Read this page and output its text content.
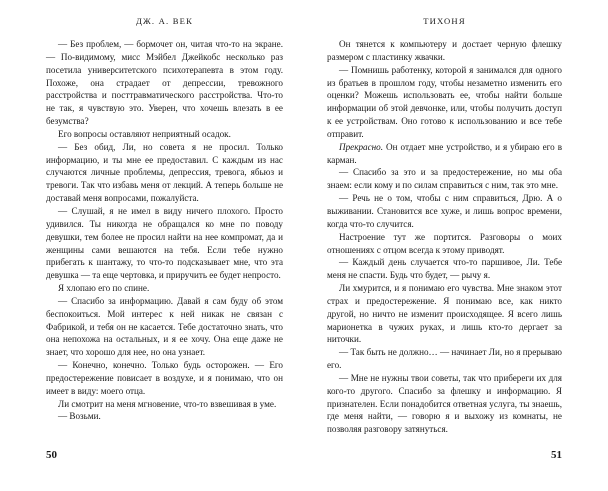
ДЖ. А. ВЕК

— Без проблем, — бормочет он, читая что-то на экране. — По-видимому, мисс Мэйбел Джейкобс несколько раз посетила университетского психотерапевта в этом году. Похоже, она страдает от депрессии, тревожного расстройства и посттравматического расстройства. Что-то не так, я чувствую это. Уверен, что хочешь влезать в ее безумства?

Его вопросы оставляют неприятный осадок.

— Без обид, Ли, но совета я не просил. Только информацию, и ты мне ее предоставил. С каждым из нас случаются личные проблемы, депрессия, тревога, ябьюз и тревоги. Так что избавь меня от лекций. А теперь больше не доставай меня вопросами, пожалуйста.

— Слушай, я не имел в виду ничего плохого. Просто удивился. Ты никогда не обращался ко мне по поводу девушки, тем более не просил найти на нее компромат, да и женщины сами вешаются на тебя. Если тебе нужно прибегать к шантажу, то что-то подсказывает мне, что эта девушка — та еще чертовка, и приручить ее будет непросто.

Я хлопаю его по спине.

— Спасибо за информацию. Давай я сам буду об этом беспокоиться. Мой интерес к ней никак не связан с Фабрикой, и тебя он не касается. Тебе достаточно знать, что она непохожа на остальных, и я ее хочу. Она еще даже не знает, что хорошо для нее, но она узнает.

— Конечно, конечно. Только будь осторожен. — Его предостережение повисает в воздухе, и я понимаю, что он имеет в виду: моего отца.

Ли смотрит на меня мгновение, что-то взвешивая в уме.

— Возьми.

50
ТИХОНЯ

Он тянется к компьютеру и достает черную флешку размером с пластинку жвачки.

— Помнишь работенку, которой я занимался для одного из братьев в прошлом году, чтобы незаметно изменить его оценки? Можешь использовать ее, чтобы найти больше информации об этой девчонке, или, чтобы получить доступ к ее устройствам. Оно готово к использованию и все тебе отправит.

Прекрасно. Он отдает мне устройство, и я убираю его в карман.

— Спасибо за это и за предостережение, но мы оба знаем: если кому и по силам справиться с ним, так это мне.

— Речь не о том, чтобы с ним справиться, Дрю. А о выживании. Становится все хуже, и лишь вопрос времени, когда что-то случится.

Настроение тут же портится. Разговоры о моих отношениях с отцом всегда к этому приводят.

— Каждый день случается что-то паршивое, Ли. Тебе меня не спасти. Будь что будет, — рычу я.

Ли хмурится, и я понимаю его чувства. Мне знаком этот страх и предостережение. Я понимаю все, как никто другой, но ничто не изменит происходящее. Я всего лишь марионетка в чужих руках, и лишь кто-то дергает за ниточки.

— Так быть не должно… — начинает Ли, но я прерываю его.

— Мне не нужны твои советы, так что прибереги их для кого-то другого. Спасибо за флешку и информацию. Я признателен. Если понадобится ответная услуга, ты знаешь, где меня найти, — говорю я и выхожу из комнаты, не позволяя разговору затянуться.

51
